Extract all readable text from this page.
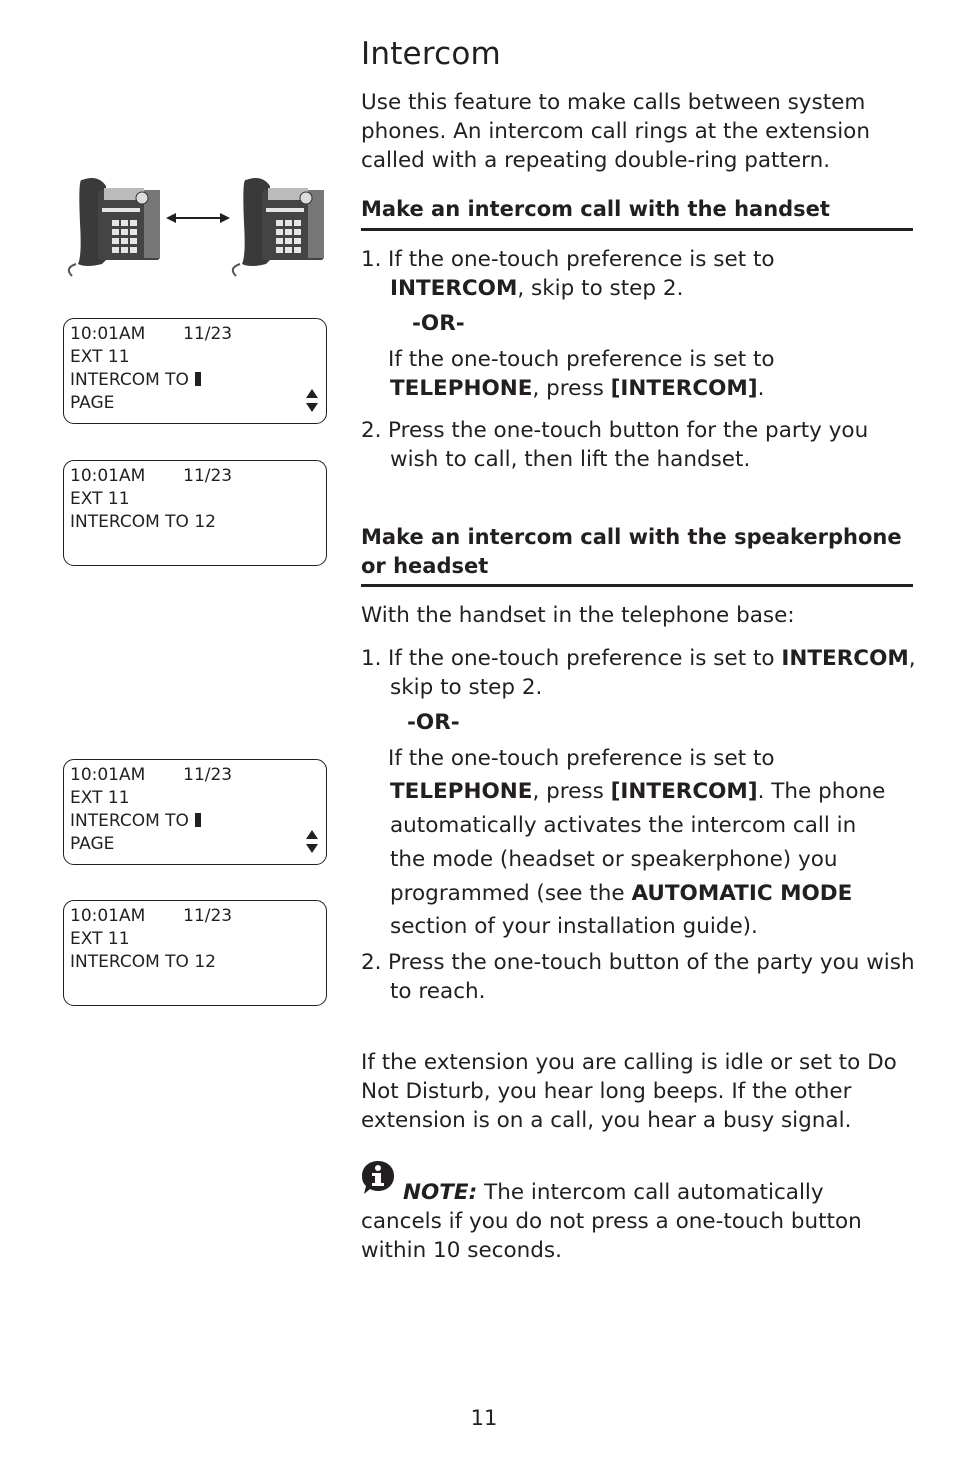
Intercom
Use this feature to make calls between system phones. An intercom call rings at the extension called with a repeating double-ring pattern.
10:01AM 11/23
EXT 11
INTERCOM TO
PAGE
10:01AM 11/23
EXT 11
INTERCOM TO 12
10:01AM 11/23
EXT 11
INTERCOM TO
PAGE
10:01AM 11/23
EXT 11
INTERCOM TO 12
Make an intercom call with the handset
1. If the one-touch preference is set to
INTERCOM, skip to step 2.
-OR-
If the one-touch preference is set to
TELEPHONE, press [INTERCOM].
2. Press the one-touch button for the party you
wish to call, then lift the handset.
Make an intercom call with the speakerphone
or headset
With the handset in the telephone base:
1. If the one-touch preference is set to INTERCOM,
skip to step 2.
-OR-
If the one-touch preference is set to
TELEPHONE, press [INTERCOM]. The phone
automatically activates the intercom call in
the mode (headset or speakerphone) you
programmed (see the AUTOMATIC MODE
section of your installation guide).
2. Press the one-touch button of the party you wish
to reach.
If the extension you are calling is idle or set to Do Not Disturb, you hear long beeps. If the other extension is on a call, you hear a busy signal.
NOTE: The intercom call automatically cancels if you do not press a one-touch button within 10 seconds.
11
